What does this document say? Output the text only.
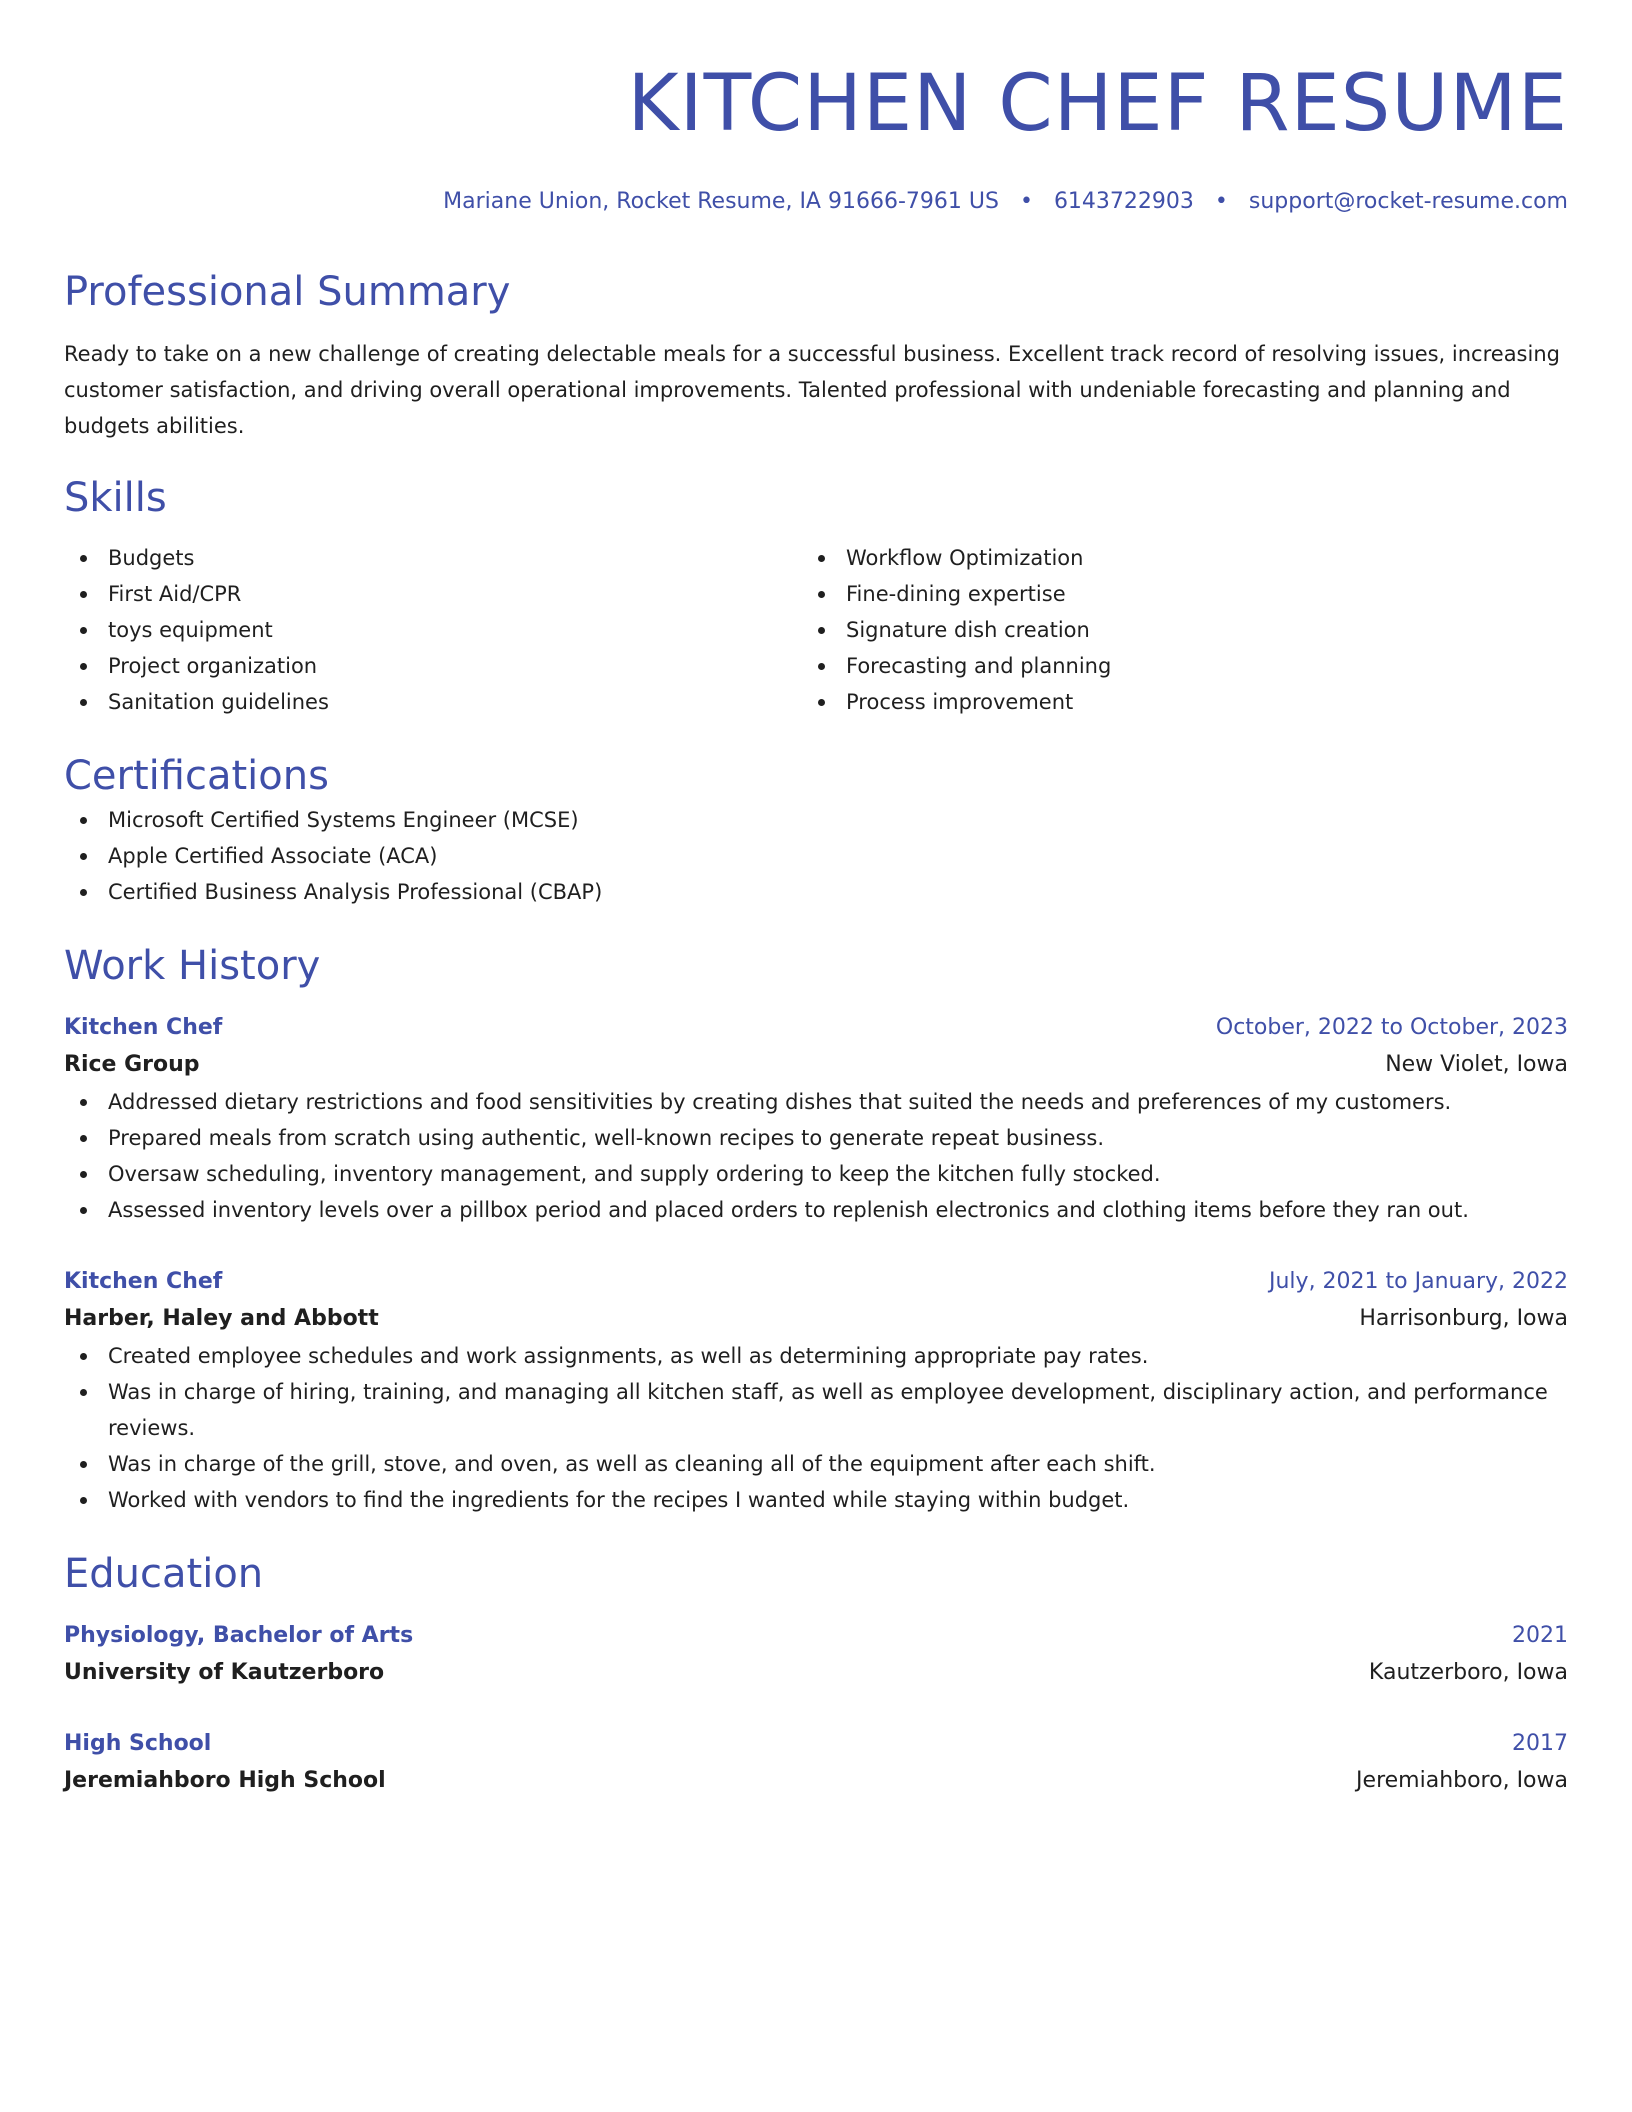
KITCHEN CHEF RESUME
Mariane Union, Rocket Resume, IA 91666-7961 US • 6143722903 • support@rocket-resume.com
Professional Summary
Ready to take on a new challenge of creating delectable meals for a successful business. Excellent track record of resolving issues, increasing customer satisfaction, and driving overall operational improvements. Talented professional with undeniable forecasting and planning and budgets abilities.
Skills
Budgets
First Aid/CPR
toys equipment
Project organization
Sanitation guidelines
Workflow Optimization
Fine-dining expertise
Signature dish creation
Forecasting and planning
Process improvement
Certifications
Microsoft Certified Systems Engineer (MCSE)
Apple Certified Associate (ACA)
Certified Business Analysis Professional (CBAP)
Work History
Kitchen Chef	October, 2022 to October, 2023
Rice Group	New Violet, Iowa
Addressed dietary restrictions and food sensitivities by creating dishes that suited the needs and preferences of my customers.
Prepared meals from scratch using authentic, well-known recipes to generate repeat business.
Oversaw scheduling, inventory management, and supply ordering to keep the kitchen fully stocked.
Assessed inventory levels over a pillbox period and placed orders to replenish electronics and clothing items before they ran out.
Kitchen Chef	July, 2021 to January, 2022
Harber, Haley and Abbott	Harrisonburg, Iowa
Created employee schedules and work assignments, as well as determining appropriate pay rates.
Was in charge of hiring, training, and managing all kitchen staff, as well as employee development, disciplinary action, and performance reviews.
Was in charge of the grill, stove, and oven, as well as cleaning all of the equipment after each shift.
Worked with vendors to find the ingredients for the recipes I wanted while staying within budget.
Education
Physiology, Bachelor of Arts	2021
University of Kautzerboro	Kautzerboro, Iowa
High School	2017
Jeremiahboro High School	Jeremiahboro, Iowa
